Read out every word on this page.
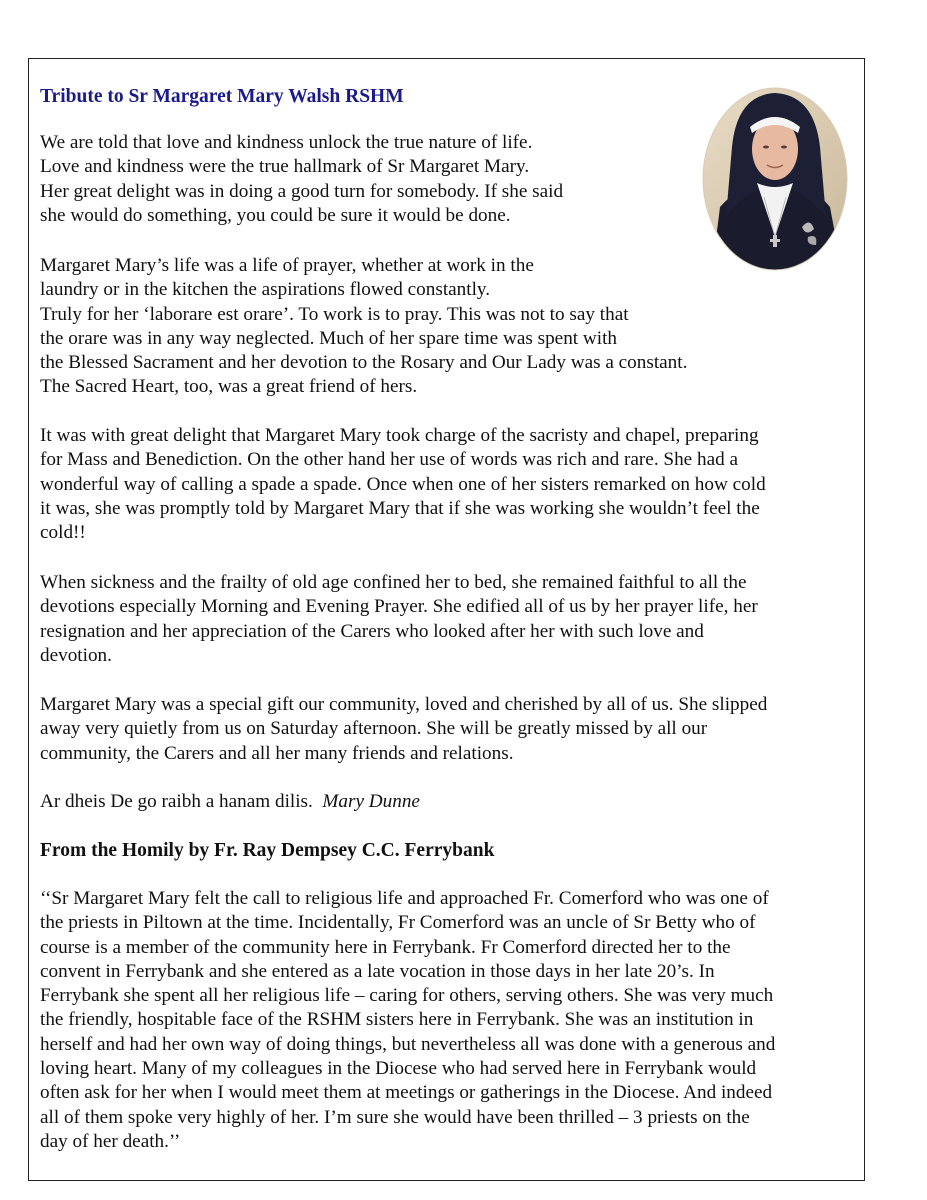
Tribute to Sr Margaret Mary Walsh RSHM
We are told that love and kindness unlock the true nature of life.
Love and kindness were the true hallmark of Sr Margaret Mary.
Her great delight was in doing a good turn for somebody. If she said
she would do something, you could be sure it would be done.
Margaret Mary’s life was a life of prayer, whether at work in the
laundry or in the kitchen the aspirations flowed constantly.
Truly for her ‘laborare est orare’. To work is to pray. This was not to say that
the orare was in any way neglected. Much of her spare time was spent with
the Blessed Sacrament and her devotion to the Rosary and Our Lady was a constant.
The Sacred Heart, too, was a great friend of hers.
It was with great delight that Margaret Mary took charge of the sacristy and chapel, preparing
for Mass and Benediction. On the other hand her use of words was rich and rare. She had a
wonderful way of calling a spade a spade. Once when one of her sisters remarked on how cold
it was, she was promptly told by Margaret Mary that if she was working she wouldn’t feel the
cold!!
When sickness and the frailty of old age confined her to bed, she remained faithful to all the
devotions especially Morning and Evening Prayer. She edified all of us by her prayer life, her
resignation and her appreciation of the Carers who looked after her with such love and
devotion.
Margaret Mary was a special gift our community, loved and cherished by all of us. She slipped
away very quietly from us on Saturday afternoon. She will be greatly missed by all our
community, the Carers and all her many friends and relations.
Ar dheis De go raibh a hanam dilis.  Mary Dunne
From the Homily by Fr. Ray Dempsey C.C. Ferrybank
‘‘Sr Margaret Mary felt the call to religious life and approached Fr. Comerford who was one of
the priests in Piltown at the time. Incidentally, Fr Comerford was an uncle of Sr Betty who of
course is a member of the community here in Ferrybank. Fr Comerford directed her to the
convent in Ferrybank and she entered as a late vocation in those days in her late 20’s. In
Ferrybank she spent all her religious life – caring for others, serving others. She was very much
the friendly, hospitable face of the RSHM sisters here in Ferrybank. She was an institution in
herself and had her own way of doing things, but nevertheless all was done with a generous and
loving heart. Many of my colleagues in the Diocese who had served here in Ferrybank would
often ask for her when I would meet them at meetings or gatherings in the Diocese. And indeed
all of them spoke very highly of her. I’m sure she would have been thrilled – 3 priests on the
day of her death.’’
